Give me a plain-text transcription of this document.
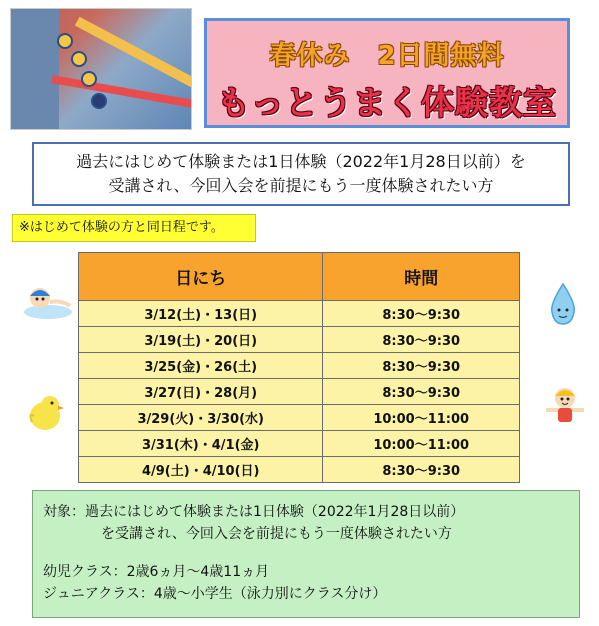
春休み　2日間無料
もっとうまく体験教室
過去にはじめて体験または1日体験（2022年1月28日以前）を
受講され、今回入会を前提にもう一度体験されたい方
※はじめて体験の方と同日程です。
日にち	時間
3/12(土)・13(日)	8:30〜9:30
3/19(土)・20(日)	8:30〜9:30
3/25(金)・26(土)	8:30〜9:30
3/27(日)・28(月)	8:30〜9:30
3/29(火)・3/30(水)	10:00〜11:00
3/31(木)・4/1(金)	10:00〜11:00
4/9(土)・4/10(日)	8:30〜9:30
対象：過去にはじめて体験または1日体験（2022年1月28日以前）
を受講され、今回入会を前提にもう一度体験されたい方
幼児クラス：2歳6ヵ月〜4歳11ヵ月
ジュニアクラス：4歳〜小学生（泳力別にクラス分け）
